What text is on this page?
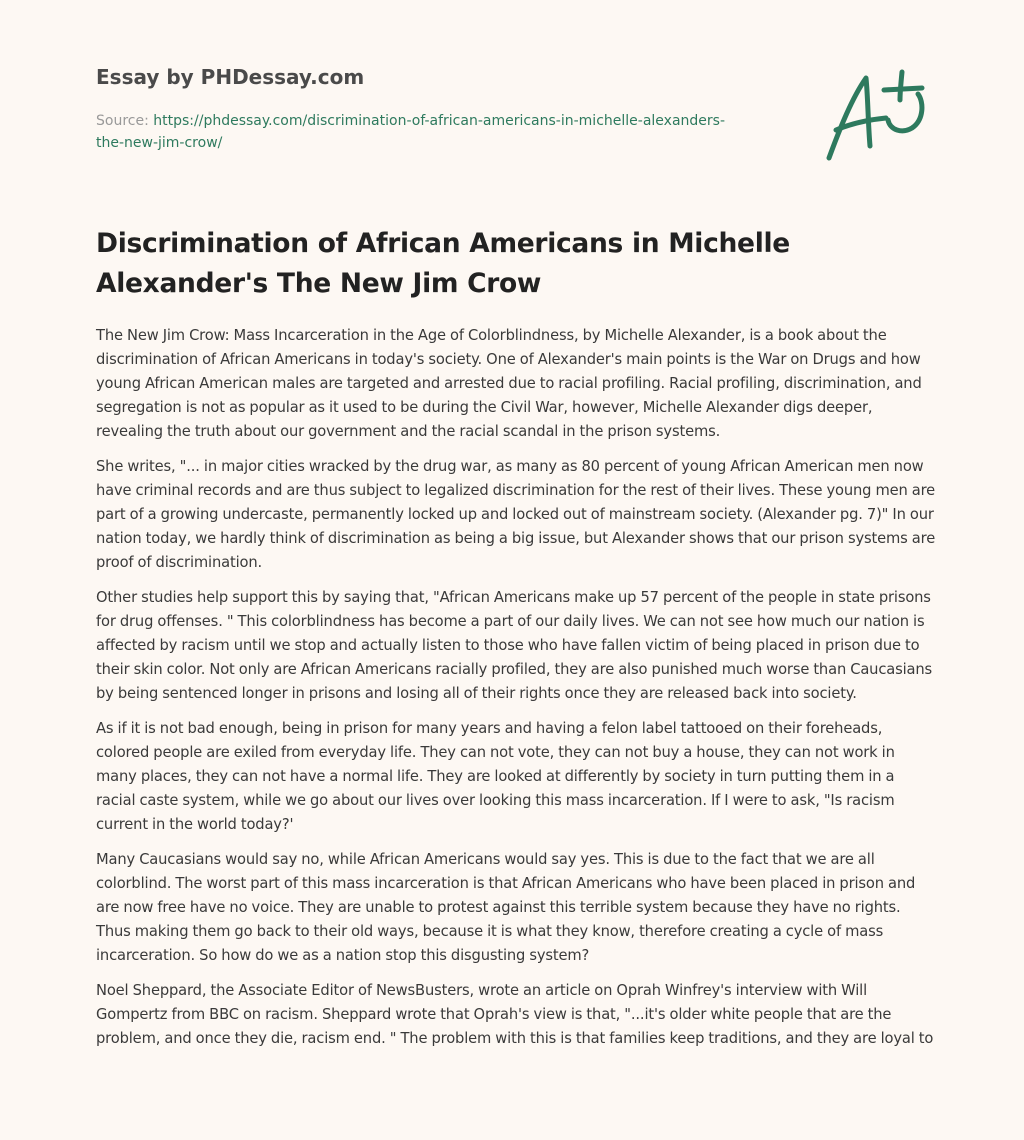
Essay by PHDessay.com
Source: https://phdessay.com/discrimination-of-african-americans-in-michelle-alexanders-the-new-jim-crow/
Discrimination of African Americans in Michelle Alexander's The New Jim Crow

The New Jim Crow: Mass Incarceration in the Age of Colorblindness, by Michelle Alexander, is a book about the discrimination of African Americans in today's society. One of Alexander's main points is the War on Drugs and how young African American males are targeted and arrested due to racial profiling. Racial profiling, discrimination, and segregation is not as popular as it used to be during the Civil War, however, Michelle Alexander digs deeper, revealing the truth about our government and the racial scandal in the prison systems.

She writes, "... in major cities wracked by the drug war, as many as 80 percent of young African American men now have criminal records and are thus subject to legalized discrimination for the rest of their lives. These young men are part of a growing undercaste, permanently locked up and locked out of mainstream society. (Alexander pg. 7)" In our nation today, we hardly think of discrimination as being a big issue, but Alexander shows that our prison systems are proof of discrimination.

Other studies help support this by saying that, "African Americans make up 57 percent of the people in state prisons for drug offenses. " This colorblindness has become a part of our daily lives. We can not see how much our nation is affected by racism until we stop and actually listen to those who have fallen victim of being placed in prison due to their skin color. Not only are African Americans racially profiled, they are also punished much worse than Caucasians by being sentenced longer in prisons and losing all of their rights once they are released back into society.

As if it is not bad enough, being in prison for many years and having a felon label tattooed on their foreheads, colored people are exiled from everyday life. They can not vote, they can not buy a house, they can not work in many places, they can not have a normal life. They are looked at differently by society in turn putting them in a racial caste system, while we go about our lives over looking this mass incarceration. If I were to ask, "Is racism current in the world today?'

Many Caucasians would say no, while African Americans would say yes. This is due to the fact that we are all colorblind. The worst part of this mass incarceration is that African Americans who have been placed in prison and are now free have no voice. They are unable to protest against this terrible system because they have no rights. Thus making them go back to their old ways, because it is what they know, therefore creating a cycle of mass incarceration. So how do we as a nation stop this disgusting system?

Noel Sheppard, the Associate Editor of NewsBusters, wrote an article on Oprah Winfrey's interview with Will Gompertz from BBC on racism. Sheppard wrote that Oprah's view is that, "...it's older white people that are the problem, and once they die, racism end. " The problem with this is that families keep traditions, and they are loyal to
